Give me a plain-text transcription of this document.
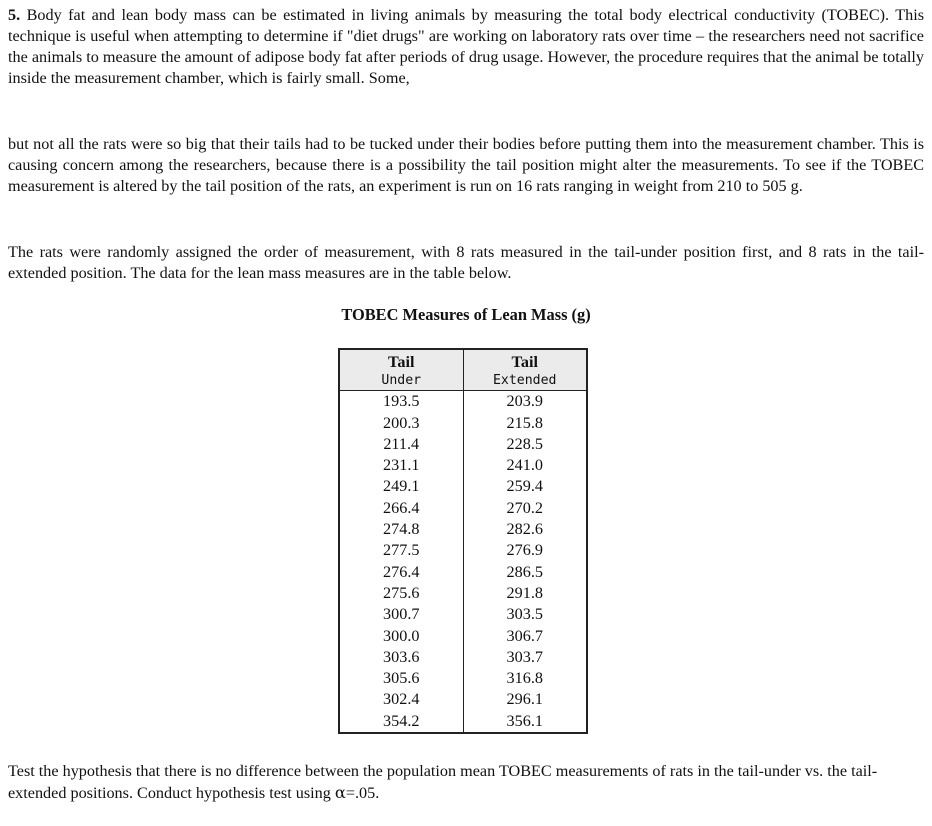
5. Body fat and lean body mass can be estimated in living animals by measuring the total body electrical conductivity (TOBEC). This technique is useful when attempting to determine if "diet drugs" are working on laboratory rats over time – the researchers need not sacrifice the animals to measure the amount of adipose body fat after periods of drug usage. However, the procedure requires that the animal be totally inside the measurement chamber, which is fairly small. Some,

but not all the rats were so big that their tails had to be tucked under their bodies before putting them into the measurement chamber. This is causing concern among the researchers, because there is a possibility the tail position might alter the measurements. To see if the TOBEC measurement is altered by the tail position of the rats, an experiment is run on 16 rats ranging in weight from 210 to 505 g.

The rats were randomly assigned the order of measurement, with 8 rats measured in the tail-under position first, and 8 rats in the tail-extended position. The data for the lean mass measures are in the table below.

TOBEC Measures of Lean Mass (g)

Tail
Under
193.5
200.3
211.4
231.1
249.1
266.4
274.8
277.5
276.4
275.6
300.7
300.0
303.6
305.6
302.4
354.2
Tail
Extended
203.9
215.8
228.5
241.0
259.4
270.2
282.6
276.9
286.5
291.8
303.5
306.7
303.7
316.8
296.1
356.1

Test the hypothesis that there is no difference between the population mean TOBEC measurements of rats in the tail-under vs. the tail-extended positions. Conduct hypothesis test using α=.05.
